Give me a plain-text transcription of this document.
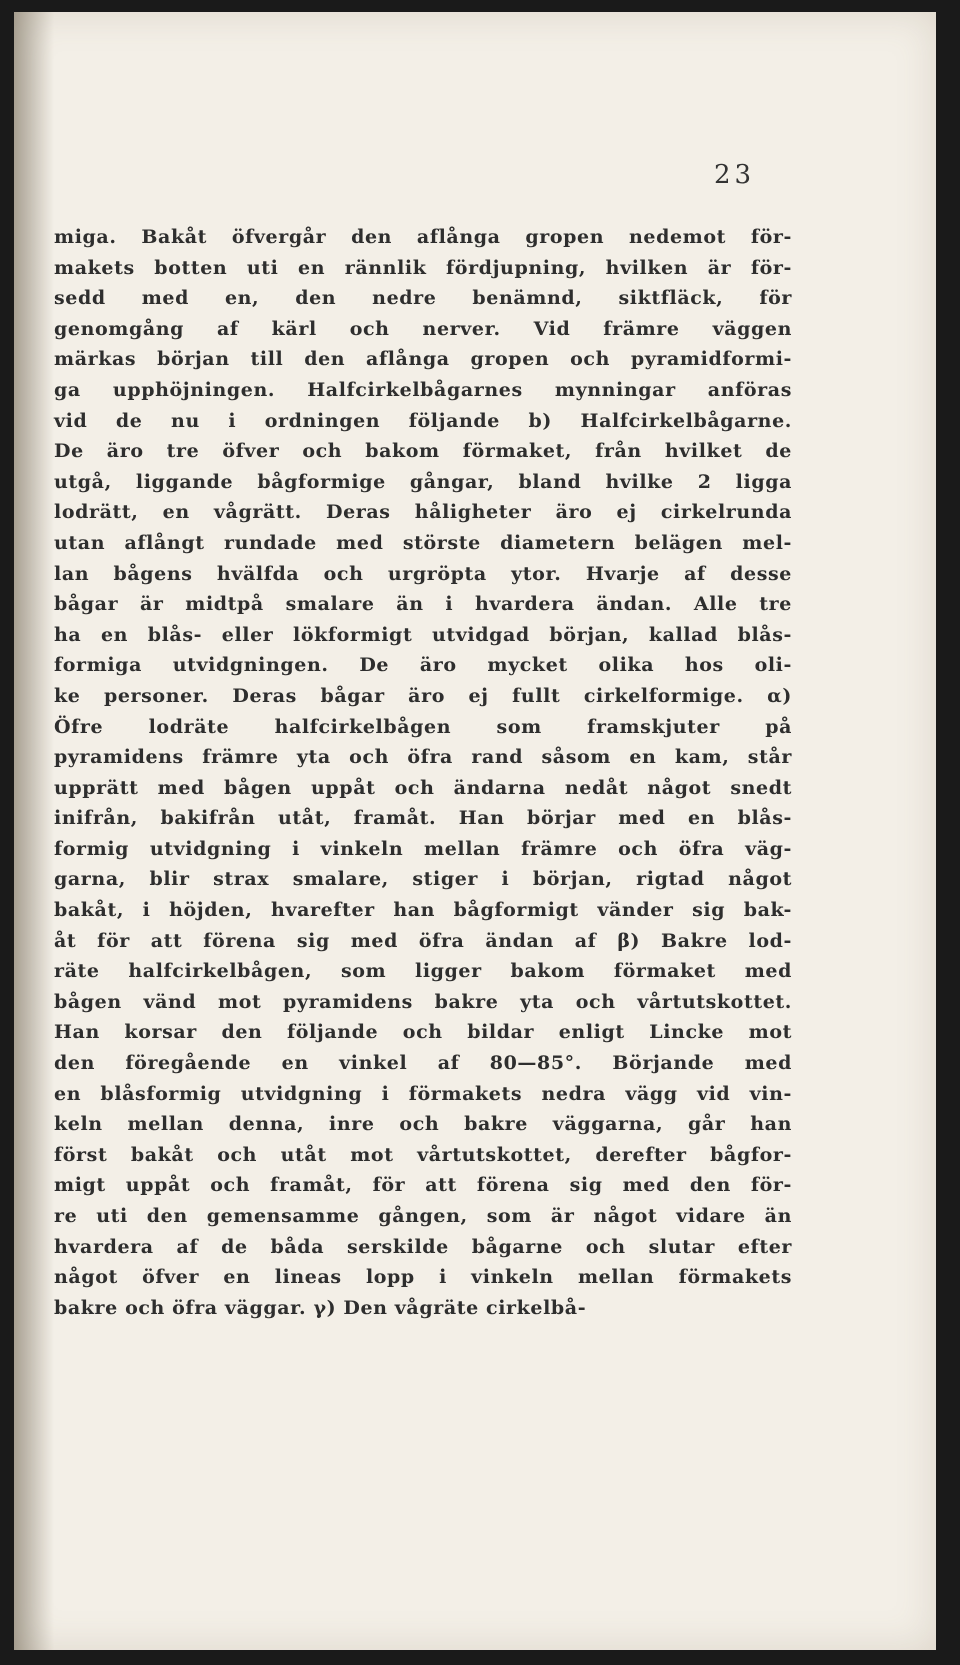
23
miga. Bakåt öfvergår den aflånga gropen nedemot för-
makets botten uti en rännlik fördjupning, hvilken är för-
sedd med en, den nedre benämnd, siktfläck, för
genomgång af kärl och nerver. Vid främre väggen
märkas början till den aflånga gropen och pyramidformi-
ga upphöjningen. Halfcirkelbågarnes mynningar anföras
vid de nu i ordningen följande b) Halfcirkelbågarne.
De äro tre öfver och bakom förmaket, från hvilket de
utgå, liggande bågformige gångar, bland hvilke 2 ligga
lodrätt, en vågrätt. Deras håligheter äro ej cirkelrunda
utan aflångt rundade med störste diametern belägen mel-
lan bågens hvälfda och urgröpta ytor. Hvarje af desse
bågar är midtpå smalare än i hvardera ändan. Alle tre
ha en blås- eller lökformigt utvidgad början, kallad blås-
formiga utvidgningen. De äro mycket olika hos oli-
ke personer. Deras bågar äro ej fullt cirkelformige. α)
Öfre lodräte halfcirkelbågen som framskjuter på
pyramidens främre yta och öfra rand såsom en kam, står
upprätt med bågen uppåt och ändarna nedåt något snedt
inifrån, bakifrån utåt, framåt. Han börjar med en blås-
formig utvidgning i vinkeln mellan främre och öfra väg-
garna, blir strax smalare, stiger i början, rigtad något
bakåt, i höjden, hvarefter han bågformigt vänder sig bak-
åt för att förena sig med öfra ändan af β) Bakre lod-
räte halfcirkelbågen, som ligger bakom förmaket med
bågen vänd mot pyramidens bakre yta och vårtutskottet.
Han korsar den följande och bildar enligt Lincke mot
den föregående en vinkel af 80—85°. Börjande med
en blåsformig utvidgning i förmakets nedra vägg vid vin-
keln mellan denna, inre och bakre väggarna, går han
först bakåt och utåt mot vårtutskottet, derefter bågfor-
migt uppåt och framåt, för att förena sig med den för-
re uti den gemensamme gången, som är något vidare än
hvardera af de båda serskilde bågarne och slutar efter
något öfver en lineas lopp i vinkeln mellan förmakets
bakre och öfra väggar. γ) Den vågräte cirkelbå-
